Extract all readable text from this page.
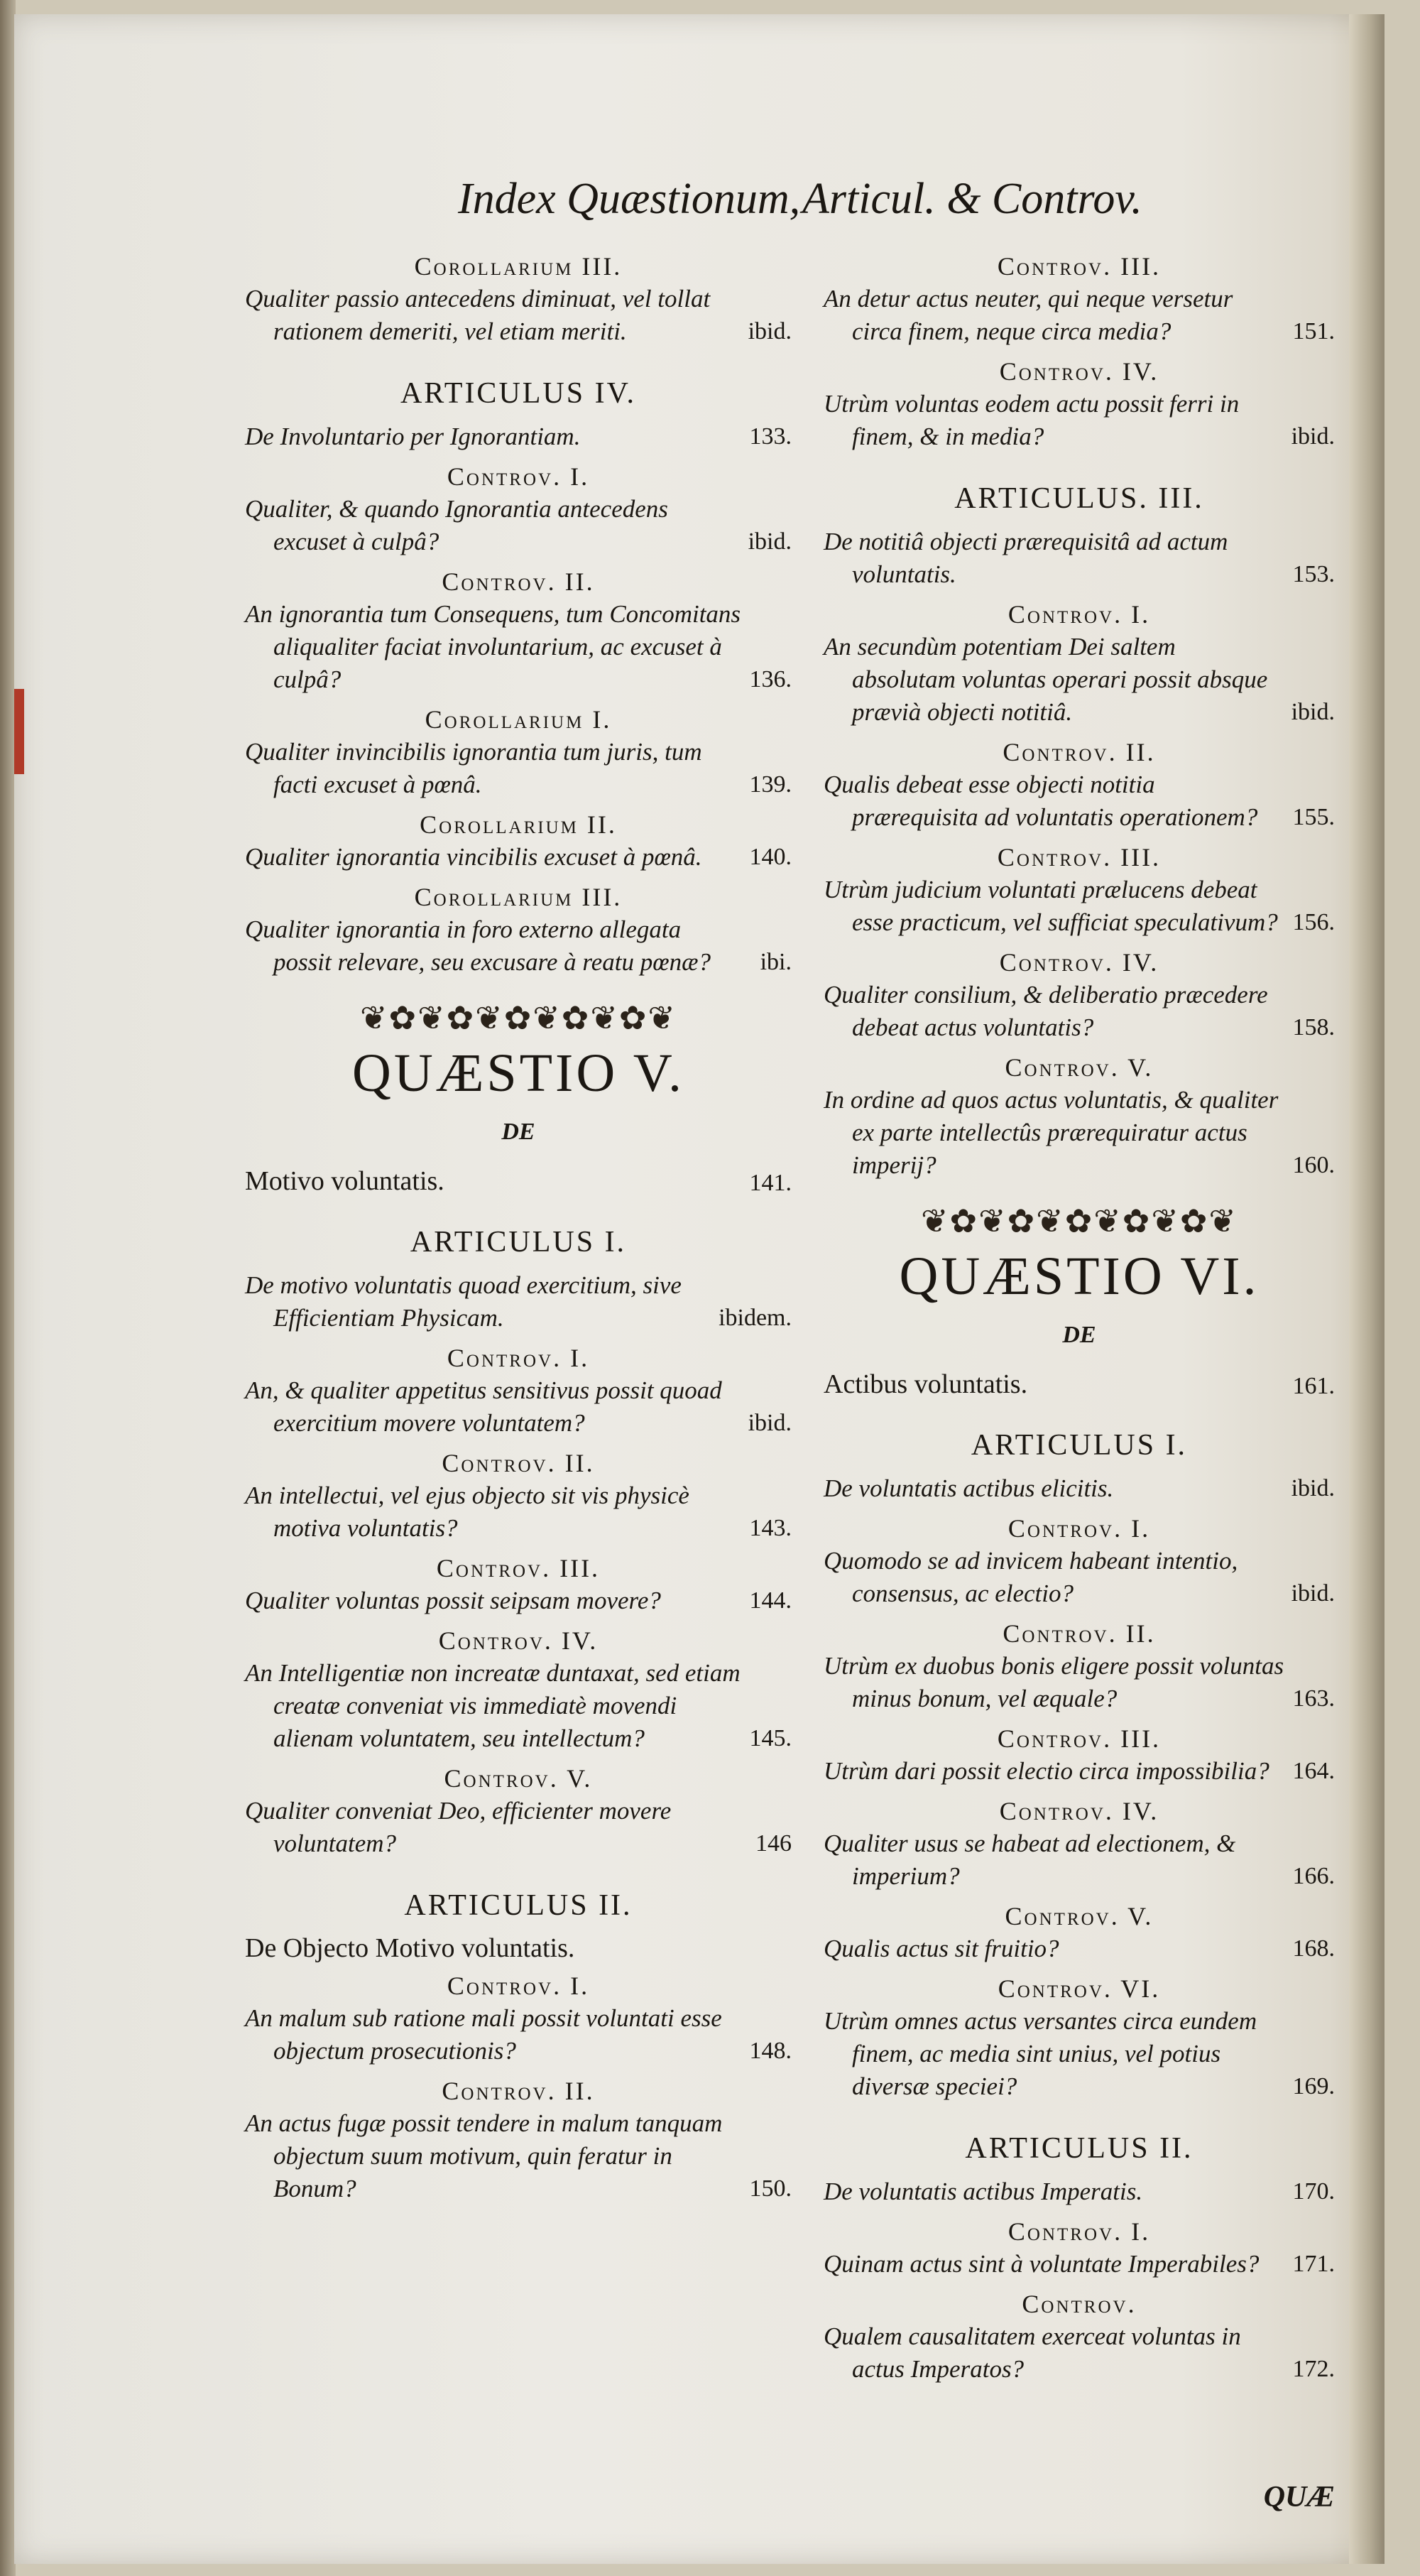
Index Quæstionum, Articul. & Controv.
Corollarium III.
Qualiter passio antecedens diminuat, vel tollat rationem demeriti, vel etiam meriti.	ibid.
ARTICULUS IV.
De Involuntario per Ignorantiam.	133.
Controv. I.
Qualiter, & quando Ignorantia antecedens excuset à culpâ?	ibid.
Controv. II.
An ignorantia tum Consequens, tum Concomitans aliqualiter faciat involuntarium, ac excuset à culpâ?	136.
Corollarium I.
Qualiter invincibilis ignorantia tum juris, tum facti excuset à pœnâ.	139.
Corollarium II.
Qualiter ignorantia vincibilis excuset à pœnâ. 140.
Corollarium III.
Qualiter ignorantia in foro externo allegata possit relevare, seu excusare à reatu pœnæ? ibi.
❦✿❦✿❦✿❦✿❦✿❦
QUÆSTIO V.
DE
Motivo voluntatis.	141.
ARTICULUS I.
De motivo voluntatis quoad exercitium, sive Efficientiam Physicam.	ibidem.
Controv. I.
An, & qualiter appetitus sensitivus possit quoad exercitium movere voluntatem?	ibid.
Controv. II.
An intellectui, vel ejus objecto sit vis physicè motiva voluntatis?	143.
Controv. III.
Qualiter voluntas possit seipsam movere?	144.
Controv. IV.
An Intelligentiæ non increatæ duntaxat, sed etiam creatæ conveniat vis immediatè movendi alienam voluntatem, seu intellectum?	145.
Controv. V.
Qualiter conveniat Deo, efficienter movere voluntatem?	146
ARTICULUS II.
De Objecto Motivo voluntatis.
Controv. I.
An malum sub ratione mali possit voluntati esse objectum prosecutionis?	148.
Controv. II.
An actus fugæ possit tendere in malum tanquam objectum suum motivum, quin feratur in Bonum?	150.
Controv. III.
An detur actus neuter, qui neque versetur circa finem, neque circa media?	151.
Controv. IV.
Utrùm voluntas eodem actu possit ferri in finem, & in media?	ibid.
ARTICULUS. III.
De notitiâ objecti prærequisitâ ad actum voluntatis.	153.
Controv. I.
An secundùm potentiam Dei saltem absolutam voluntas operari possit absque prævià objecti notitiâ.	ibid.
Controv. II.
Qualis debeat esse objecti notitia prærequisita ad voluntatis operationem? 155.
Controv. III.
Utrùm judicium voluntati prælucens debeat esse practicum, vel sufficiat speculativum? 156.
Controv. IV.
Qualiter consilium, & deliberatio præcedere debeat actus voluntatis?	158.
Controv. V.
In ordine ad quos actus voluntatis, & qualiter ex parte intellectûs prærequiratur actus imperij?	160.
❦✿❦✿❦✿❦✿❦✿❦
QUÆSTIO VI.
DE
Actibus voluntatis.	161.
ARTICULUS I.
De voluntatis actibus elicitis.	ibid.
Controv. I.
Quomodo se ad invicem habeant intentio, consensus, ac electio?	ibid.
Controv. II.
Utrùm ex duobus bonis eligere possit voluntas minus bonum, vel æquale?	163.
Controv. III.
Utrùm dari possit electio circa impossibilia? 164.
Controv. IV.
Qualiter usus se habeat ad electionem, & imperium?	166.
Controv. V.
Qualis actus sit fruitio?	168.
Controv. VI.
Utrùm omnes actus versantes circa eundem finem, ac media sint unius, vel potius diversæ speciei?	169.
ARTICULUS II.
De voluntatis actibus Imperatis.	170.
Controv. I.
Quinam actus sint à voluntate Imperabiles? 171.
Controv.
Qualem causalitatem exerceat voluntas in actus Imperatos?	172.
QUÆ
